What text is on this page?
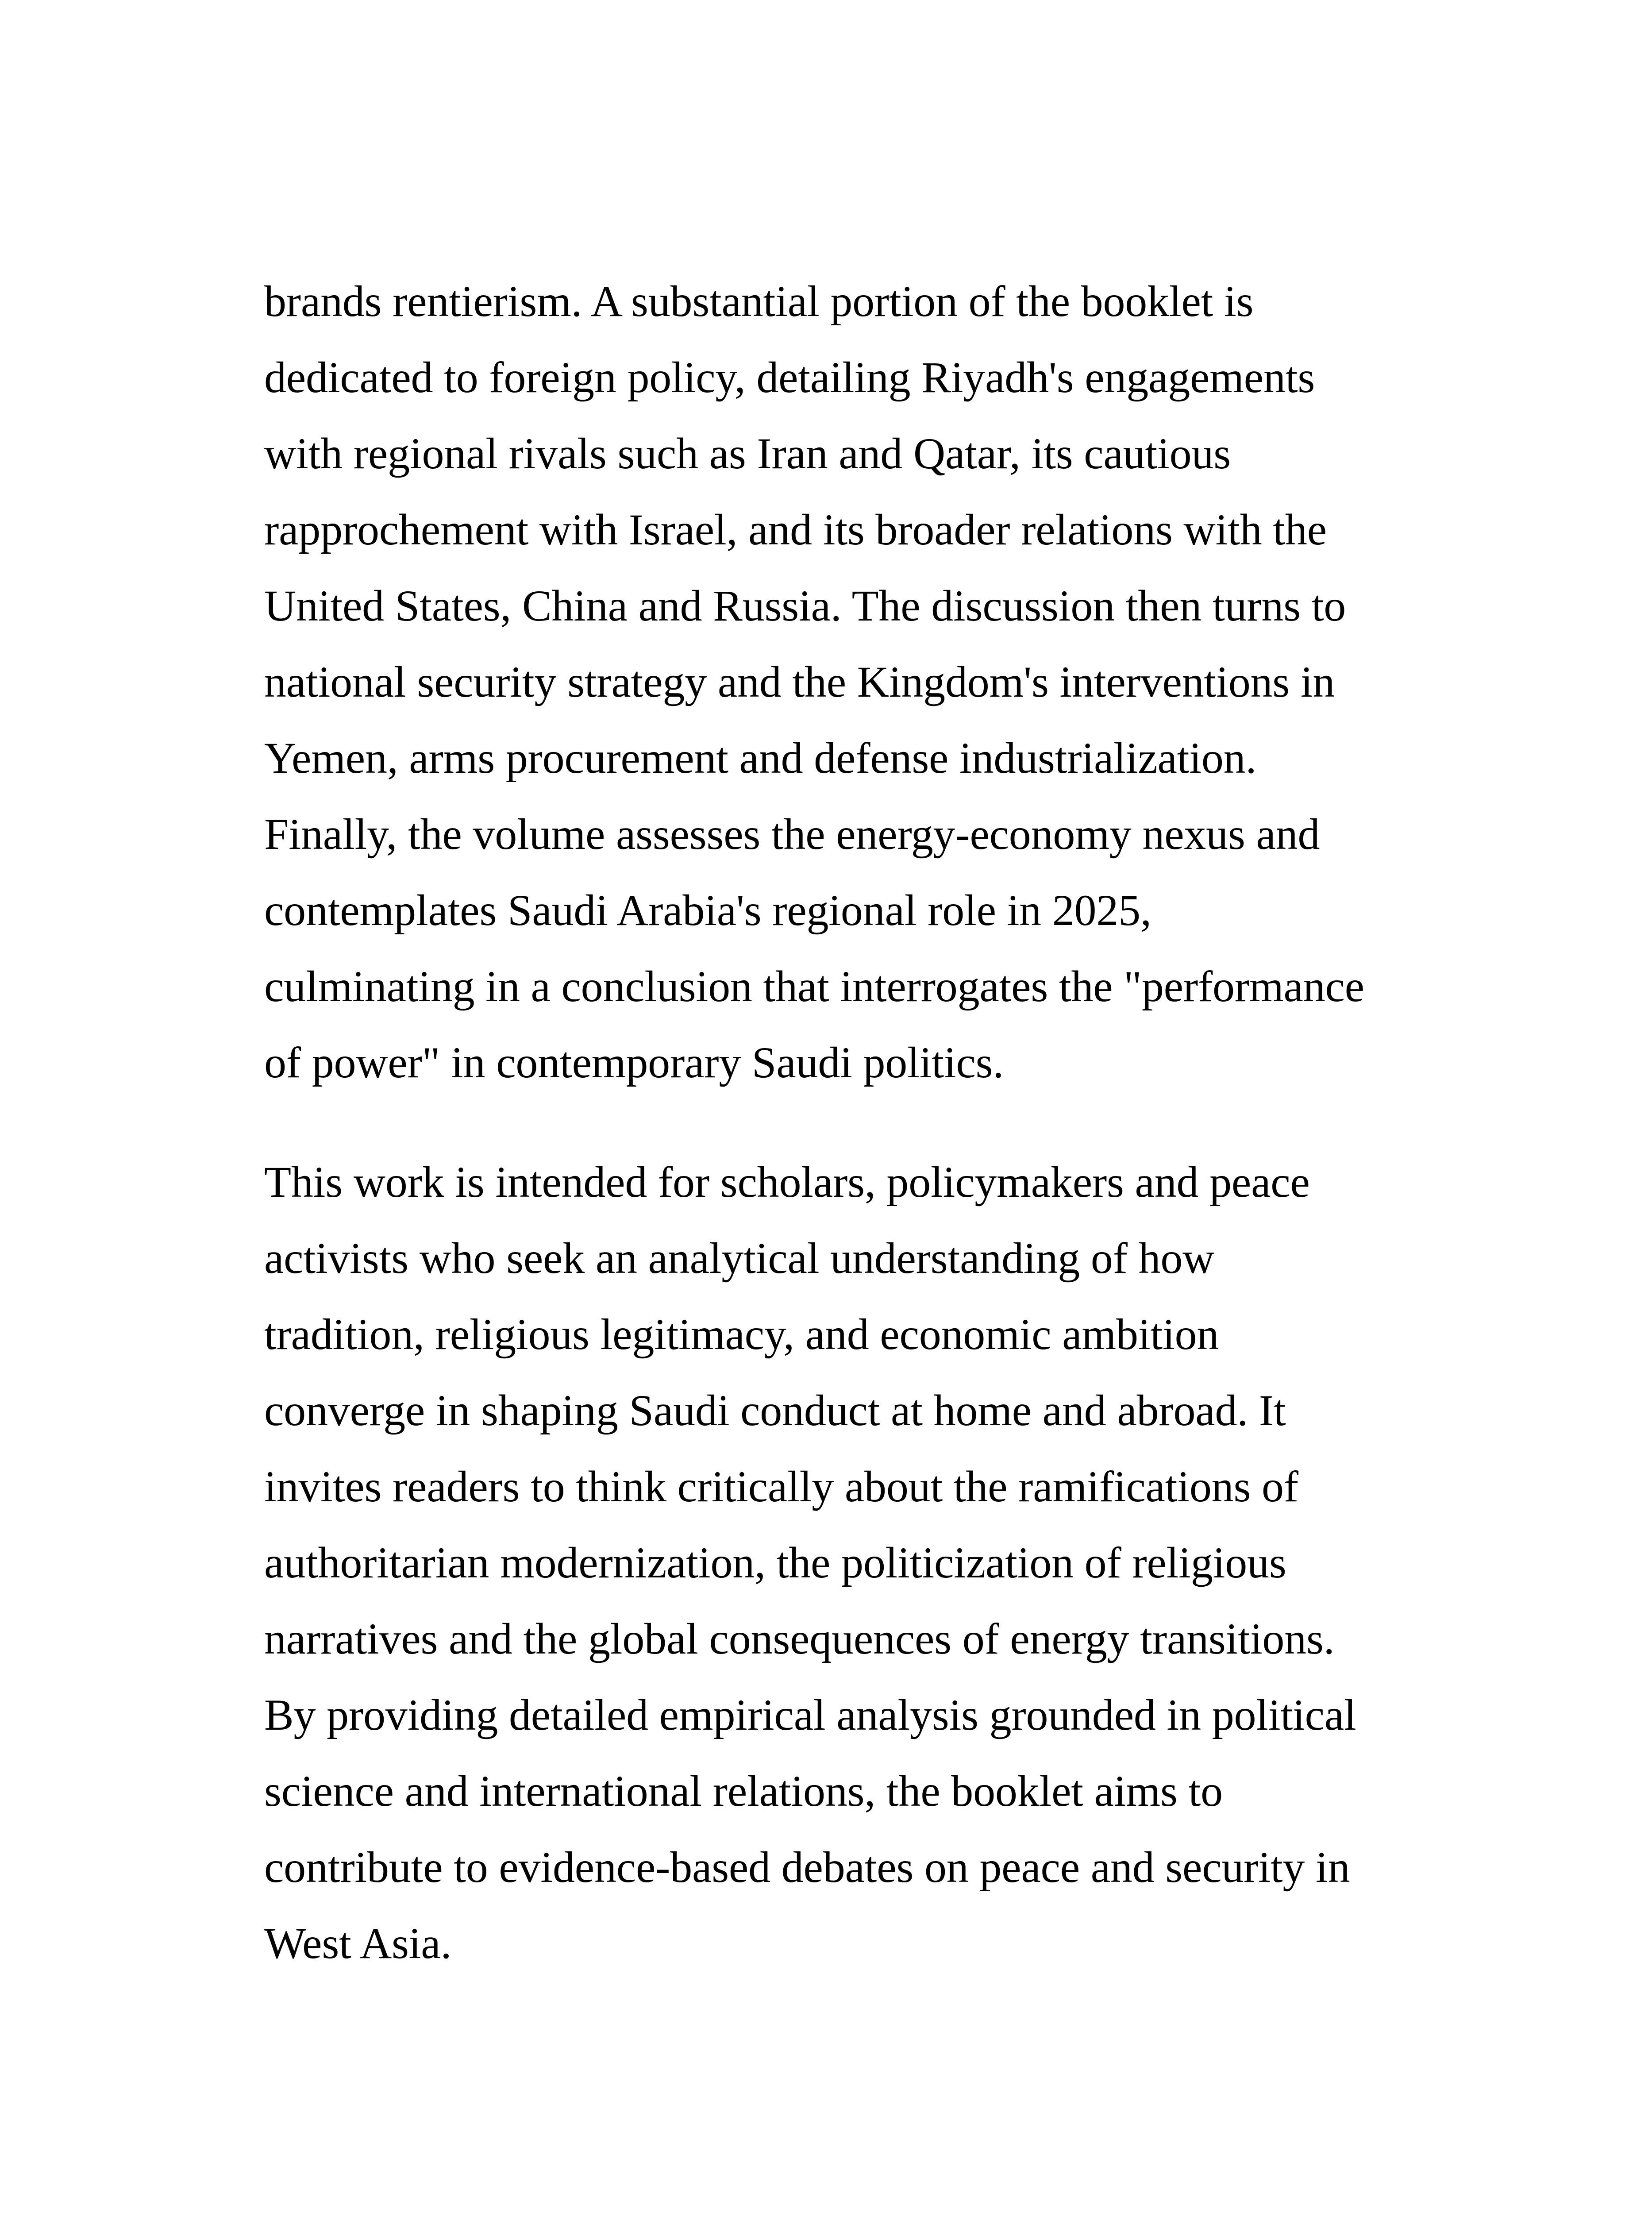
brands rentierism. A substantial portion of the booklet is
dedicated to foreign policy, detailing Riyadh's engagements
with regional rivals such as Iran and Qatar, its cautious
rapprochement with Israel, and its broader relations with the
United States, China and Russia. The discussion then turns to
national security strategy and the Kingdom's interventions in
Yemen, arms procurement and defense industrialization.
Finally, the volume assesses the energy-economy nexus and
contemplates Saudi Arabia's regional role in 2025,
culminating in a conclusion that interrogates the "performance
of power" in contemporary Saudi politics.
This work is intended for scholars, policymakers and peace
activists who seek an analytical understanding of how
tradition, religious legitimacy, and economic ambition
converge in shaping Saudi conduct at home and abroad. It
invites readers to think critically about the ramifications of
authoritarian modernization, the politicization of religious
narratives and the global consequences of energy transitions.
By providing detailed empirical analysis grounded in political
science and international relations, the booklet aims to
contribute to evidence-based debates on peace and security in
West Asia.
